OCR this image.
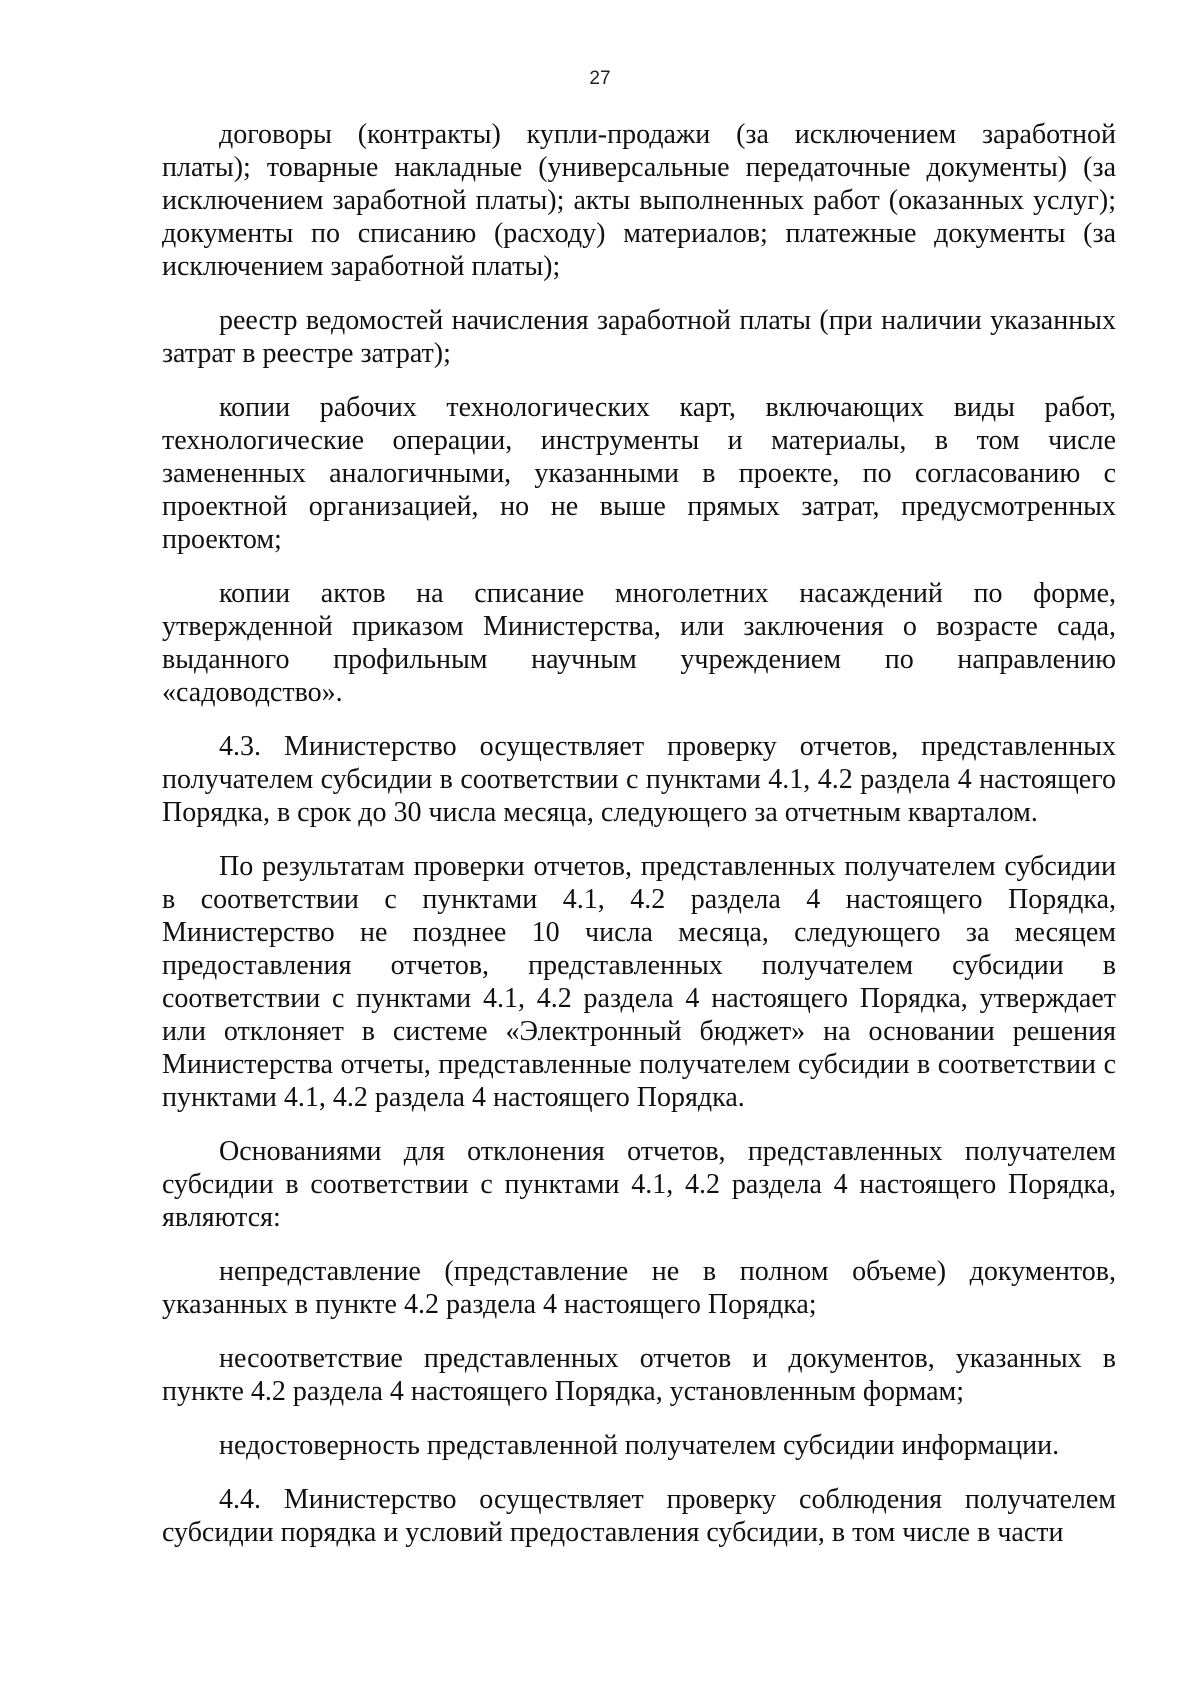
27

договоры (контракты) купли-продажи (за исключением заработной платы); товарные накладные (универсальные передаточные документы) (за исключением заработной платы); акты выполненных работ (оказанных услуг); документы по списанию (расходу) материалов; платежные документы (за исключением заработной платы);

реестр ведомостей начисления заработной платы (при наличии указанных затрат в реестре затрат);

копии рабочих технологических карт, включающих виды работ, технологические операции, инструменты и материалы, в том числе замененных аналогичными, указанными в проекте, по согласованию с проектной организацией, но не выше прямых затрат, предусмотренных проектом;

копии актов на списание многолетних насаждений по форме, утвержденной приказом Министерства, или заключения о возрасте сада, выданного профильным научным учреждением по направлению «садоводство».

4.3. Министерство осуществляет проверку отчетов, представленных получателем субсидии в соответствии с пунктами 4.1, 4.2 раздела 4 настоящего Порядка, в срок до 30 числа месяца, следующего за отчетным кварталом.

По результатам проверки отчетов, представленных получателем субсидии в соответствии с пунктами 4.1, 4.2 раздела 4 настоящего Порядка, Министерство не позднее 10 числа месяца, следующего за месяцем предоставления отчетов, представленных получателем субсидии в соответствии с пунктами 4.1, 4.2 раздела 4 настоящего Порядка, утверждает или отклоняет в системе «Электронный бюджет» на основании решения Министерства отчеты, представленные получателем субсидии в соответствии с пунктами 4.1, 4.2 раздела 4 настоящего Порядка.

Основаниями для отклонения отчетов, представленных получателем субсидии в соответствии с пунктами 4.1, 4.2 раздела 4 настоящего Порядка, являются:

непредставление (представление не в полном объеме) документов, указанных в пункте 4.2 раздела 4 настоящего Порядка;

несоответствие представленных отчетов и документов, указанных в пункте 4.2 раздела 4 настоящего Порядка, установленным формам;

недостоверность представленной получателем субсидии информации.

4.4. Министерство осуществляет проверку соблюдения получателем субсидии порядка и условий предоставления субсидии, в том числе в части
